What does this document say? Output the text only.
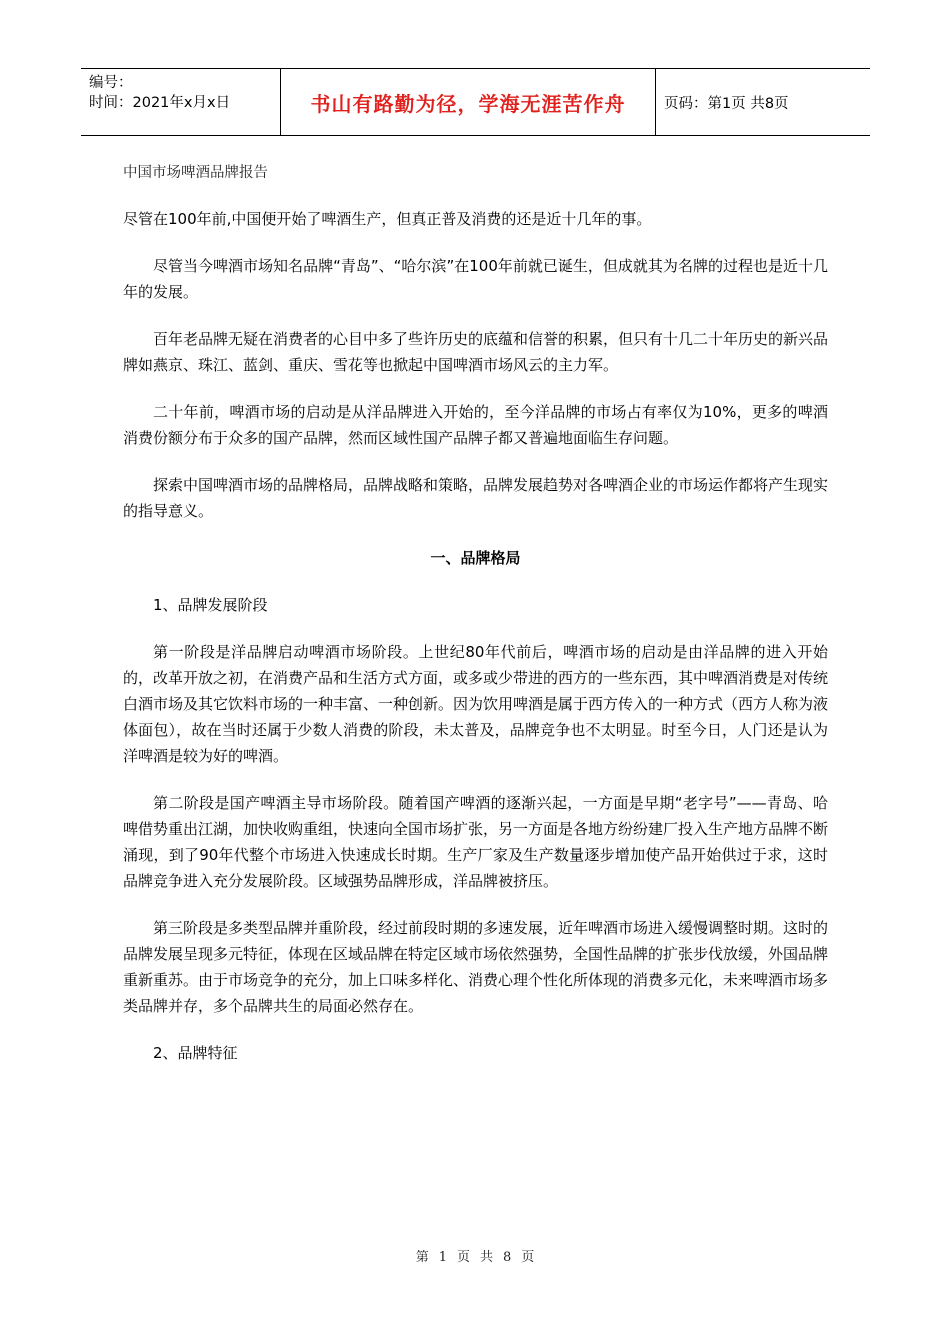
编号：
时间：2021年x月x日	书山有路勤为径，学海无涯苦作舟	页码：第1页 共8页
中国市场啤酒品牌报告

尽管在100年前,中国便开始了啤酒生产，但真正普及消费的还是近十几年的事。

尽管当今啤酒市场知名品牌“青岛”、“哈尔滨”在100年前就已诞生，但成就其为名牌的过程也是近十几年的发展。

百年老品牌无疑在消费者的心目中多了些许历史的底蕴和信誉的积累，但只有十几二十年历史的新兴品牌如燕京、珠江、蓝剑、重庆、雪花等也掀起中国啤酒市场风云的主力军。

二十年前，啤酒市场的启动是从洋品牌进入开始的，至今洋品牌的市场占有率仅为10%，更多的啤酒消费份额分布于众多的国产品牌，然而区域性国产品牌子都又普遍地面临生存问题。

探索中国啤酒市场的品牌格局，品牌战略和策略，品牌发展趋势对各啤酒企业的市场运作都将产生现实的指导意义。

一、品牌格局

1、品牌发展阶段

第一阶段是洋品牌启动啤酒市场阶段。上世纪80年代前后，啤酒市场的启动是由洋品牌的进入开始的，改革开放之初，在消费产品和生活方式方面，或多或少带进的西方的一些东西，其中啤酒消费是对传统白酒市场及其它饮料市场的一种丰富、一种创新。因为饮用啤酒是属于西方传入的一种方式（西方人称为液体面包），故在当时还属于少数人消费的阶段，未太普及，品牌竞争也不太明显。时至今日，人门还是认为洋啤酒是较为好的啤酒。

第二阶段是国产啤酒主导市场阶段。随着国产啤酒的逐渐兴起，一方面是早期“老字号”——青岛、哈啤借势重出江湖，加快收购重组，快速向全国市场扩张，另一方面是各地方纷纷建厂投入生产地方品牌不断涌现，到了90年代整个市场进入快速成长时期。生产厂家及生产数量逐步增加使产品开始供过于求，这时品牌竞争进入充分发展阶段。区域强势品牌形成，洋品牌被挤压。

第三阶段是多类型品牌并重阶段，经过前段时期的多速发展，近年啤酒市场进入缓慢调整时期。这时的品牌发展呈现多元特征，体现在区域品牌在特定区域市场依然强势，全国性品牌的扩张步伐放缓，外国品牌重新重苏。由于市场竞争的充分，加上口味多样化、消费心理个性化所体现的消费多元化，未来啤酒市场多类品牌并存，多个品牌共生的局面必然存在。

2、品牌特征

第 1 页 共 8 页
